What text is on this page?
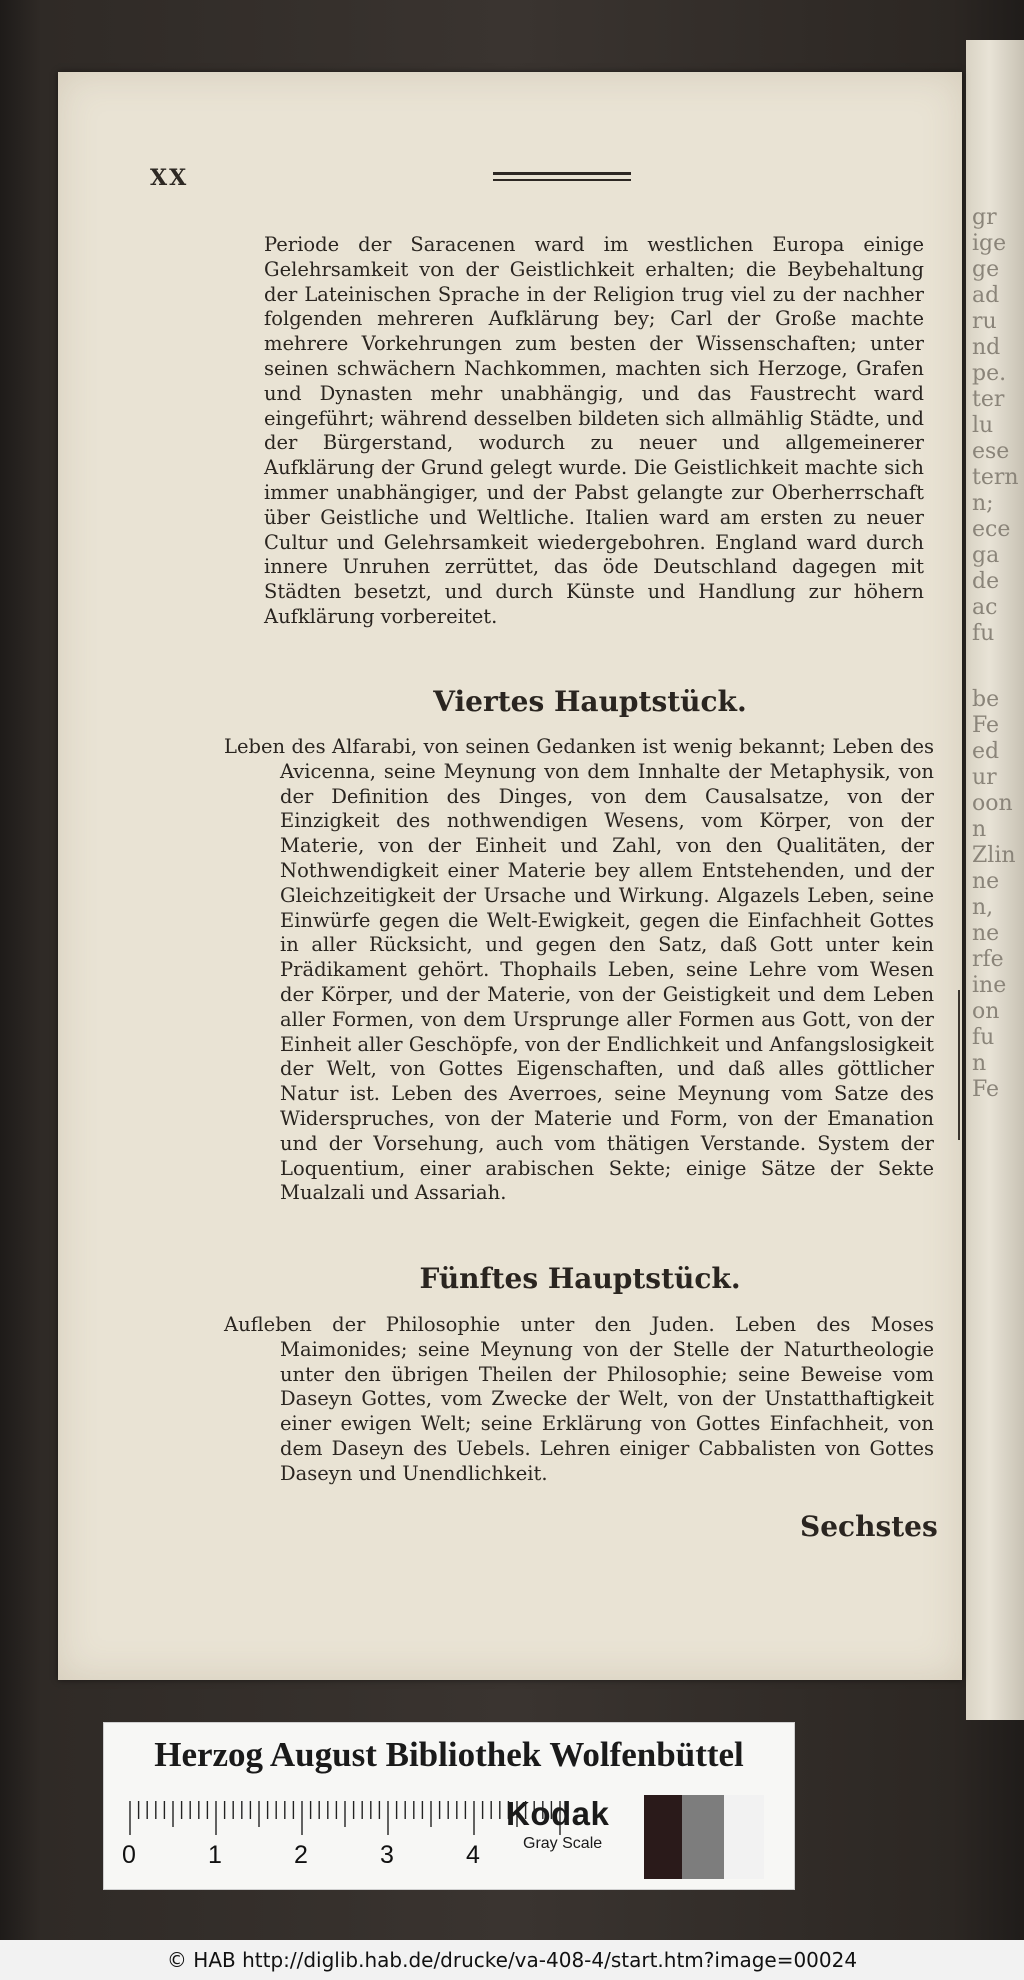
gr
ige
ge
ad
ru
nd
pe.
ter
lu
ese
tern
n;
ece
ga
de
ac
fu
be
Fe
ed
ur
oon
n
Zlin
ne
n,
ne
rfe
ine
on
fu
n
Fe
XX

Periode der Saracenen ward im westlichen Europa einige Gelehrsamkeit von der Geistlichkeit erhalten; die Beybehaltung der Lateinischen Sprache in der Religion trug viel zu der nachher folgenden mehreren Aufklärung bey; Carl der Große machte mehrere Vorkehrungen zum besten der Wissenschaften; unter seinen schwächern Nachkommen, machten sich Herzoge, Grafen und Dynasten mehr unabhängig, und das Faustrecht ward eingeführt; während desselben bildeten sich allmählig Städte, und der Bürgerstand, wodurch zu neuer und allgemeinerer Aufklärung der Grund gelegt wurde. Die Geistlichkeit machte sich immer unabhängiger, und der Pabst gelangte zur Oberherrschaft über Geistliche und Weltliche. Italien ward am ersten zu neuer Cultur und Gelehrsamkeit wiedergebohren. England ward durch innere Unruhen zerrüttet, das öde Deutschland dagegen mit Städten besetzt, und durch Künste und Handlung zur höhern Aufklärung vorbereitet.

Viertes Hauptstück.

Leben des Alfarabi, von seinen Gedanken ist wenig bekannt; Leben des Avicenna, seine Meynung von dem Innhalte der Metaphysik, von der Definition des Dinges, von dem Causalsatze, von der Einzigkeit des nothwendigen Wesens, vom Körper, von der Materie, von der Einheit und Zahl, von den Qualitäten, der Nothwendigkeit einer Materie bey allem Entstehenden, und der Gleichzeitigkeit der Ursache und Wirkung. Algazels Leben, seine Einwürfe gegen die Welt-Ewigkeit, gegen die Einfachheit Gottes in aller Rücksicht, und gegen den Satz, daß Gott unter kein Prädikament gehört. Thophails Leben, seine Lehre vom Wesen der Körper, und der Materie, von der Geistigkeit und dem Leben aller Formen, von dem Ursprunge aller Formen aus Gott, von der Einheit aller Geschöpfe, von der Endlichkeit und Anfangslosigkeit der Welt, von Gottes Eigenschaften, und daß alles göttlicher Natur ist. Leben des Averroes, seine Meynung vom Satze des Widerspruches, von der Materie und Form, von der Emanation und der Vorsehung, auch vom thätigen Verstande. System der Loquentium, einer arabischen Sekte; einige Sätze der Sekte Mualzali und Assariah.

Fünftes Hauptstück.

Aufleben der Philosophie unter den Juden. Leben des Moses Maimonides; seine Meynung von der Stelle der Naturtheologie unter den übrigen Theilen der Philosophie; seine Beweise vom Daseyn Gottes, vom Zwecke der Welt, von der Unstatthaftigkeit einer ewigen Welt; seine Erklärung von Gottes Einfachheit, von dem Daseyn des Uebels. Lehren einiger Cabbalisten von Gottes Daseyn und Unendlichkeit.

Sechstes
Herzog August Bibliothek Wolfenbüttel
0	1	2	3	4
Kodak
Gray Scale
© HAB http://diglib.hab.de/drucke/va-408-4/start.htm?image=00024
